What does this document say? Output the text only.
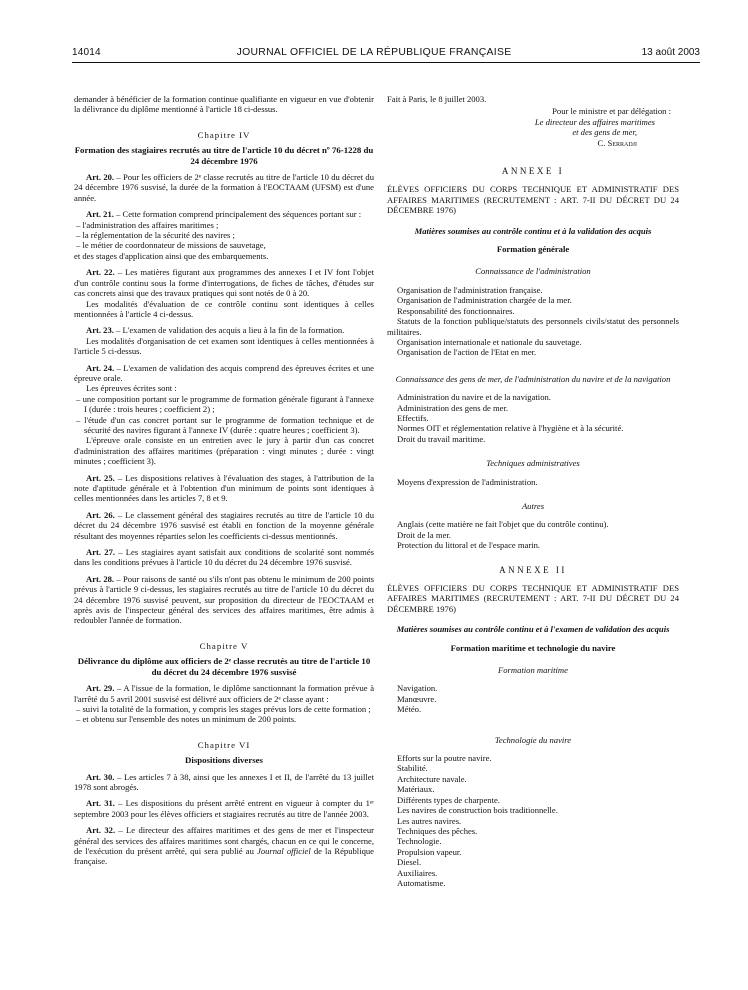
14014	JOURNAL OFFICIEL DE LA RÉPUBLIQUE FRANÇAISE	13 août 2003

demander à bénéficier de la formation continue qualifiante en vigueur en vue d'obtenir la délivrance du diplôme mentionné à l'article 18 ci-dessus.

Chapitre IV
Formation des stagiaires recrutés au titre de l'article 10 du décret nº 76-1228 du 24 décembre 1976

Art. 20. – Pour les officiers de 2ᵉ classe recrutés au titre de l'article 10 du décret du 24 décembre 1976 susvisé, la durée de la formation à l'EOCTAAM (UFSM) est d'une année.

Art. 21. – Cette formation comprend principalement des séquences portant sur :

– l'administration des affaires maritimes ;

– la réglementation de la sécurité des navires ;

– le métier de coordonnateur de missions de sauvetage,

et des stages d'application ainsi que des embarquements.

Art. 22. – Les matières figurant aux programmes des annexes I et IV font l'objet d'un contrôle continu sous la forme d'interrogations, de fiches de tâches, d'études sur cas concrets ainsi que des travaux pratiques qui sont notés de 0 à 20.

Les modalités d'évaluation de ce contrôle continu sont identiques à celles mentionnées à l'article 4 ci-dessus.

Art. 23. – L'examen de validation des acquis a lieu à la fin de la formation.

Les modalités d'organisation de cet examen sont identiques à celles mentionnées à l'article 5 ci-dessus.

Art. 24. – L'examen de validation des acquis comprend des épreuves écrites et une épreuve orale.

Les épreuves écrites sont :

– une composition portant sur le programme de formation générale figurant à l'annexe I (durée : trois heures ; coefficient 2) ;

– l'étude d'un cas concret portant sur le programme de formation technique et de sécurité des navires figurant à l'annexe IV (durée : quatre heures ; coefficient 3).

L'épreuve orale consiste en un entretien avec le jury à partir d'un cas concret d'administration des affaires maritimes (préparation : vingt minutes ; durée : vingt minutes ; coefficient 3).

Art. 25. – Les dispositions relatives à l'évaluation des stages, à l'attribution de la note d'aptitude générale et à l'obtention d'un minimum de points sont identiques à celles mentionnées dans les articles 7, 8 et 9.

Art. 26. – Le classement général des stagiaires recrutés au titre de l'article 10 du décret du 24 décembre 1976 susvisé est établi en fonction de la moyenne générale résultant des moyennes réparties selon les coefficients ci-dessus mentionnés.

Art. 27. – Les stagiaires ayant satisfait aux conditions de scolarité sont nommés dans les conditions prévues à l'article 10 du décret du 24 décembre 1976 susvisé.

Art. 28. – Pour raisons de santé ou s'ils n'ont pas obtenu le minimum de 200 points prévus à l'article 9 ci-dessus, les stagiaires recrutés au titre de l'article 10 du décret du 24 décembre 1976 susvisé peuvent, sur proposition du directeur de l'EOCTAAM et après avis de l'inspecteur général des services des affaires maritimes, être admis à redoubler l'année de formation.

Chapitre V
Délivrance du diplôme aux officiers de 2ᵉ classe recrutés au titre de l'article 10 du décret du 24 décembre 1976 susvisé

Art. 29. – A l'issue de la formation, le diplôme sanctionnant la formation prévue à l'arrêté du 5 avril 2001 susvisé est délivré aux officiers de 2ᵉ classe ayant :

– suivi la totalité de la formation, y compris les stages prévus lors de cette formation ;

– et obtenu sur l'ensemble des notes un minimum de 200 points.

Chapitre VI
Dispositions diverses

Art. 30. – Les articles 7 à 38, ainsi que les annexes I et II, de l'arrêté du 13 juillet 1978 sont abrogés.

Art. 31. – Les dispositions du présent arrêté entrent en vigueur à compter du 1ᵉʳ septembre 2003 pour les élèves officiers et stagiaires recrutés au titre de l'année 2003.

Art. 32. – Le directeur des affaires maritimes et des gens de mer et l'inspecteur général des services des affaires maritimes sont chargés, chacun en ce qui le concerne, de l'exécution du présent arrêté, qui sera publié au Journal officiel de la République française.

Fait à Paris, le 8 juillet 2003.

Pour le ministre et par délégation :

Le directeur des affaires maritimes

et des gens de mer,

C. Serradji

ANNEXE I

ÉLÈVES OFFICIERS DU CORPS TECHNIQUE ET ADMINISTRATIF DES AFFAIRES MARITIMES (RECRUTEMENT : ART. 7-II DU DÉCRET DU 24 DÉCEMBRE 1976)

Matières soumises au contrôle continu et à la validation des acquis

Formation générale

Connaissance de l'administration

Organisation de l'administration française.

Organisation de l'administration chargée de la mer.

Responsabilité des fonctionnaires.

Statuts de la fonction publique/statuts des personnels civils/statut des personnels militaires.

Organisation internationale et nationale du sauvetage.

Organisation de l'action de l'Etat en mer.

Connaissance des gens de mer, de l'administration du navire et de la navigation

Administration du navire et de la navigation.

Administration des gens de mer.

Effectifs.

Normes OIT et réglementation relative à l'hygiène et à la sécurité.

Droit du travail maritime.

Techniques administratives

Moyens d'expression de l'administration.

Autres

Anglais (cette matière ne fait l'objet que du contrôle continu).

Droit de la mer.

Protection du littoral et de l'espace marin.

ANNEXE II

ÉLÈVES OFFICIERS DU CORPS TECHNIQUE ET ADMINISTRATIF DES AFFAIRES MARITIMES (RECRUTEMENT : ART. 7-II DU DÉCRET DU 24 DÉCEMBRE 1976)

Matières soumises au contrôle continu et à l'examen de validation des acquis

Formation maritime et technologie du navire

Formation maritime

Navigation.

Manœuvre.

Météo.

Technologie du navire

Efforts sur la poutre navire.

Stabilité.

Architecture navale.

Matériaux.

Différents types de charpente.

Les navires de construction bois traditionnelle.

Les autres navires.

Techniques des pêches.

Technologie.

Propulsion vapeur.

Diesel.

Auxiliaires.

Automatisme.
